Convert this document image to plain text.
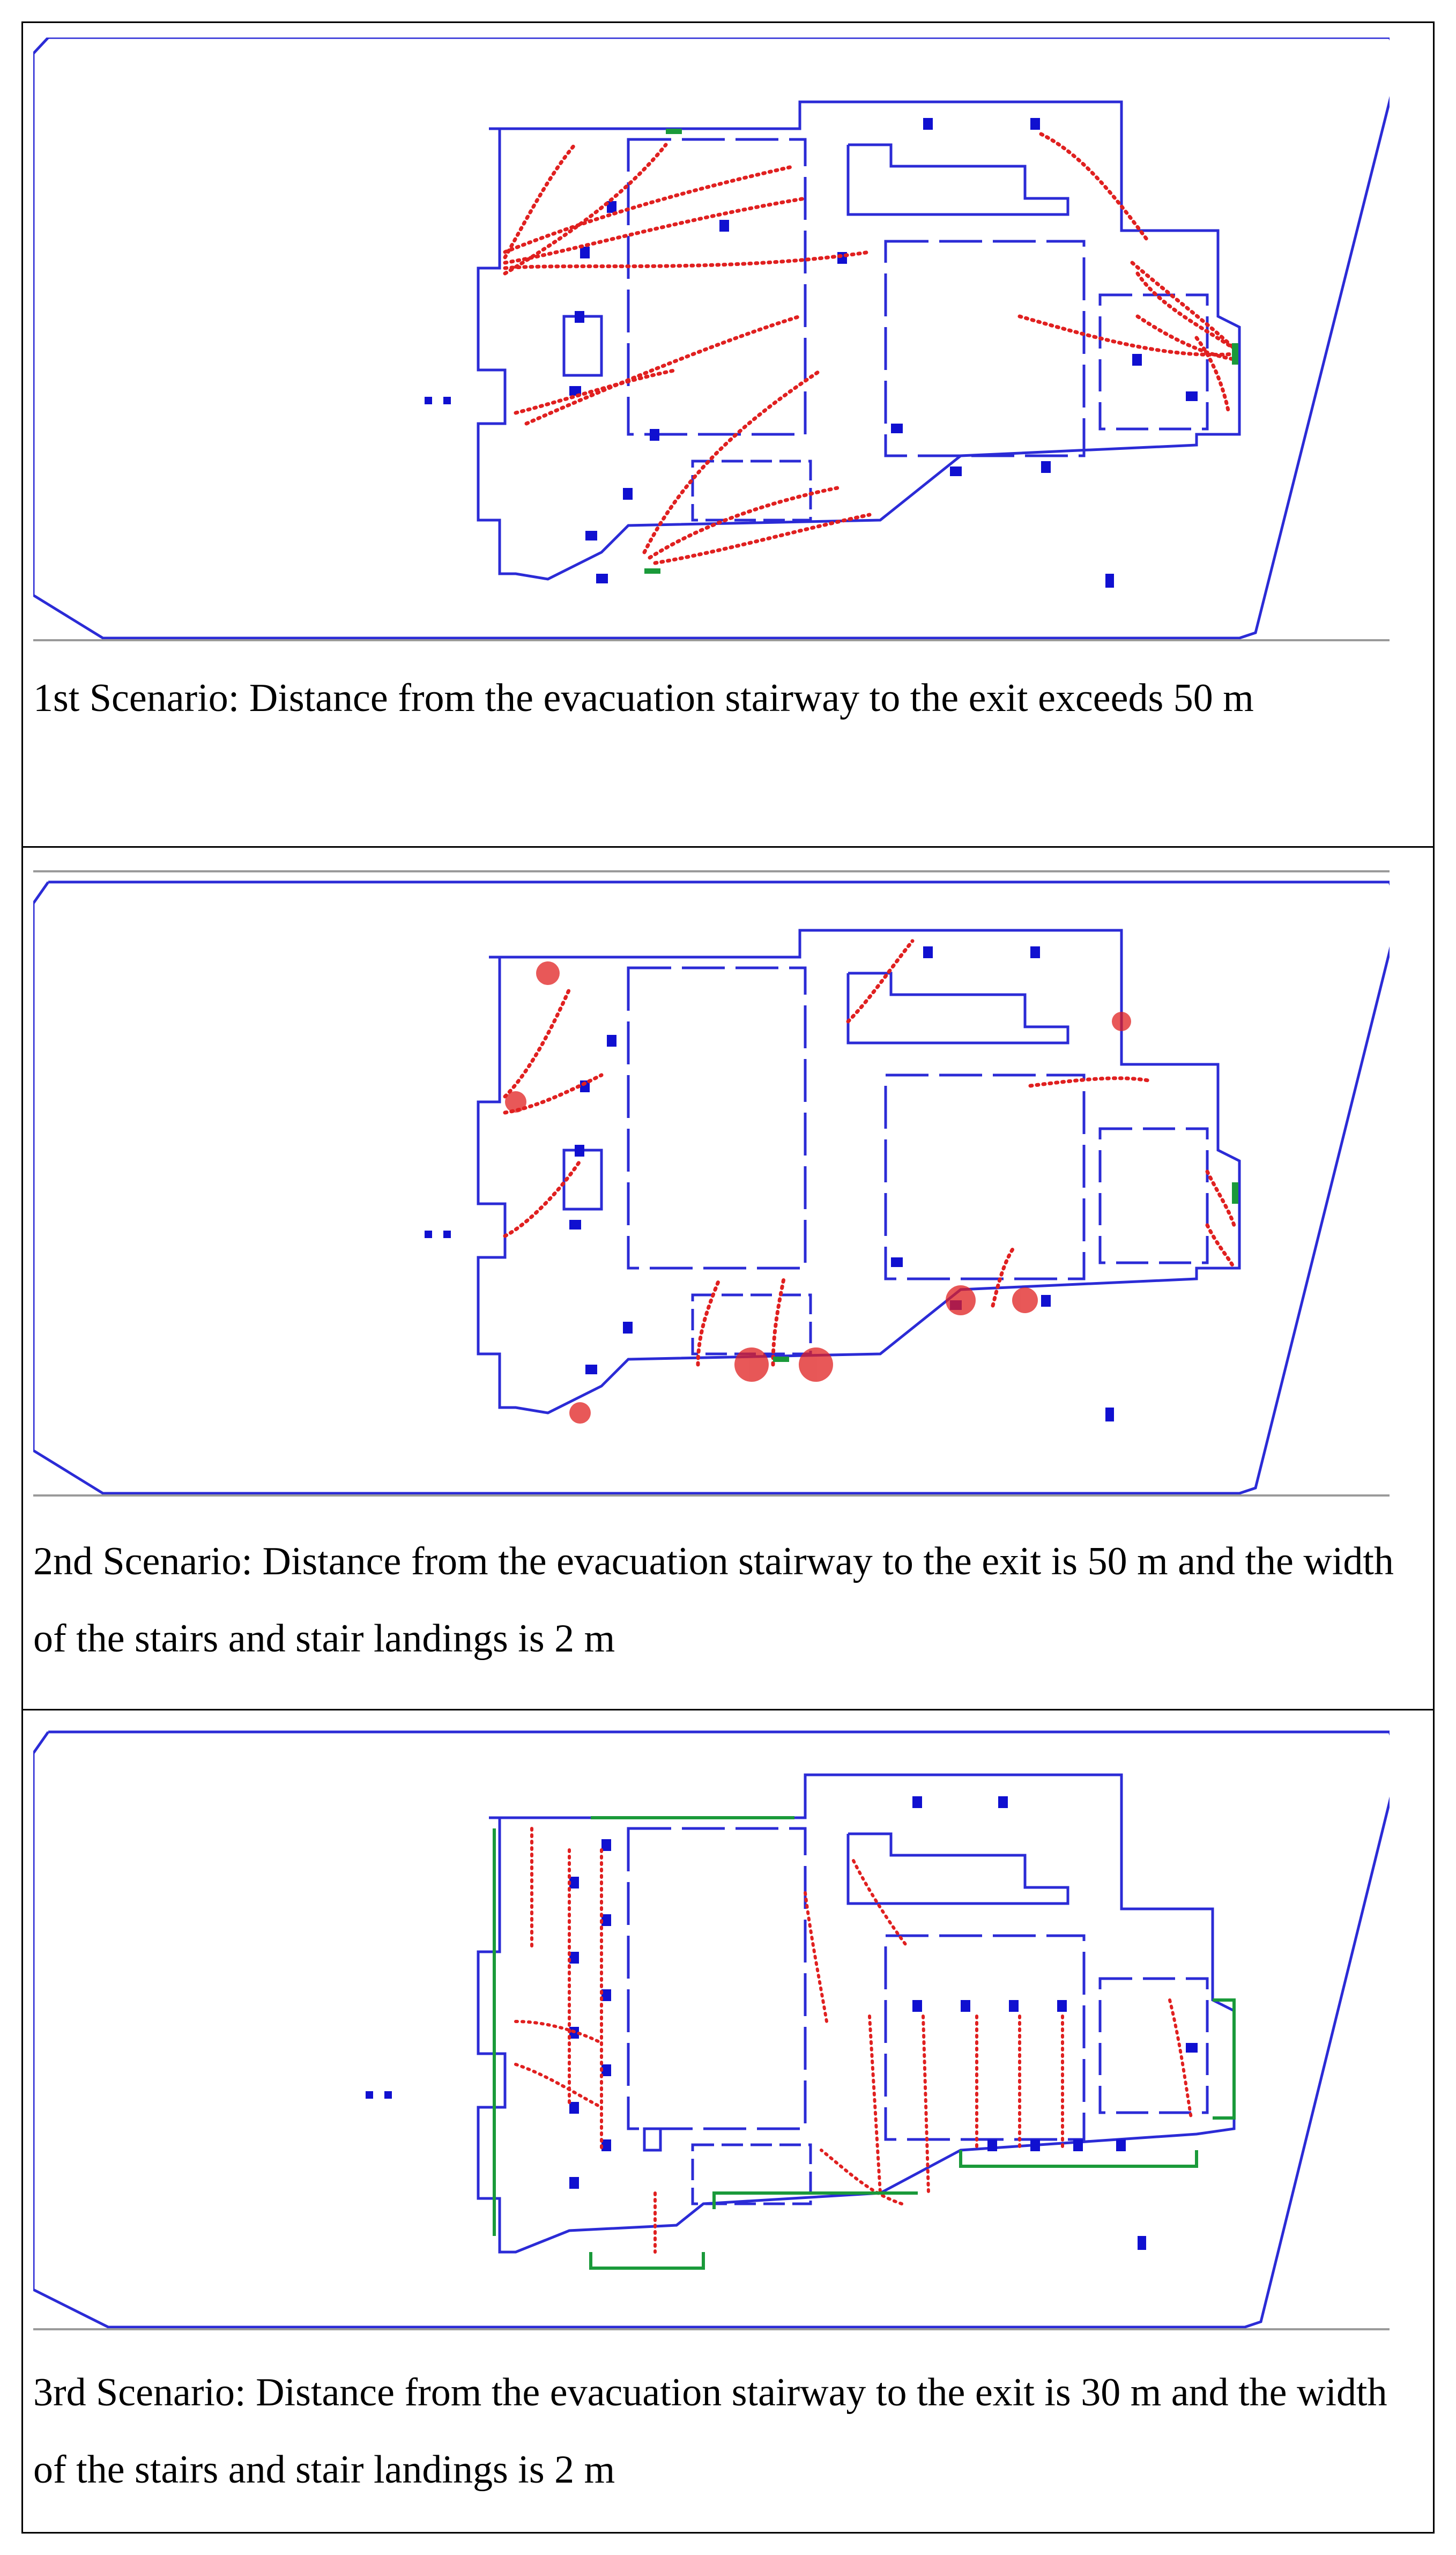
1st Scenario: Distance from the evacuation stairway to the exit exceeds 50 m
2nd Scenario: Distance from the evacuation stairway to the exit is 50 m and the width of the stairs and stair landings is 2 m
3rd Scenario: Distance from the evacuation stairway to the exit is 30 m and the width of the stairs and stair landings is 2 m
